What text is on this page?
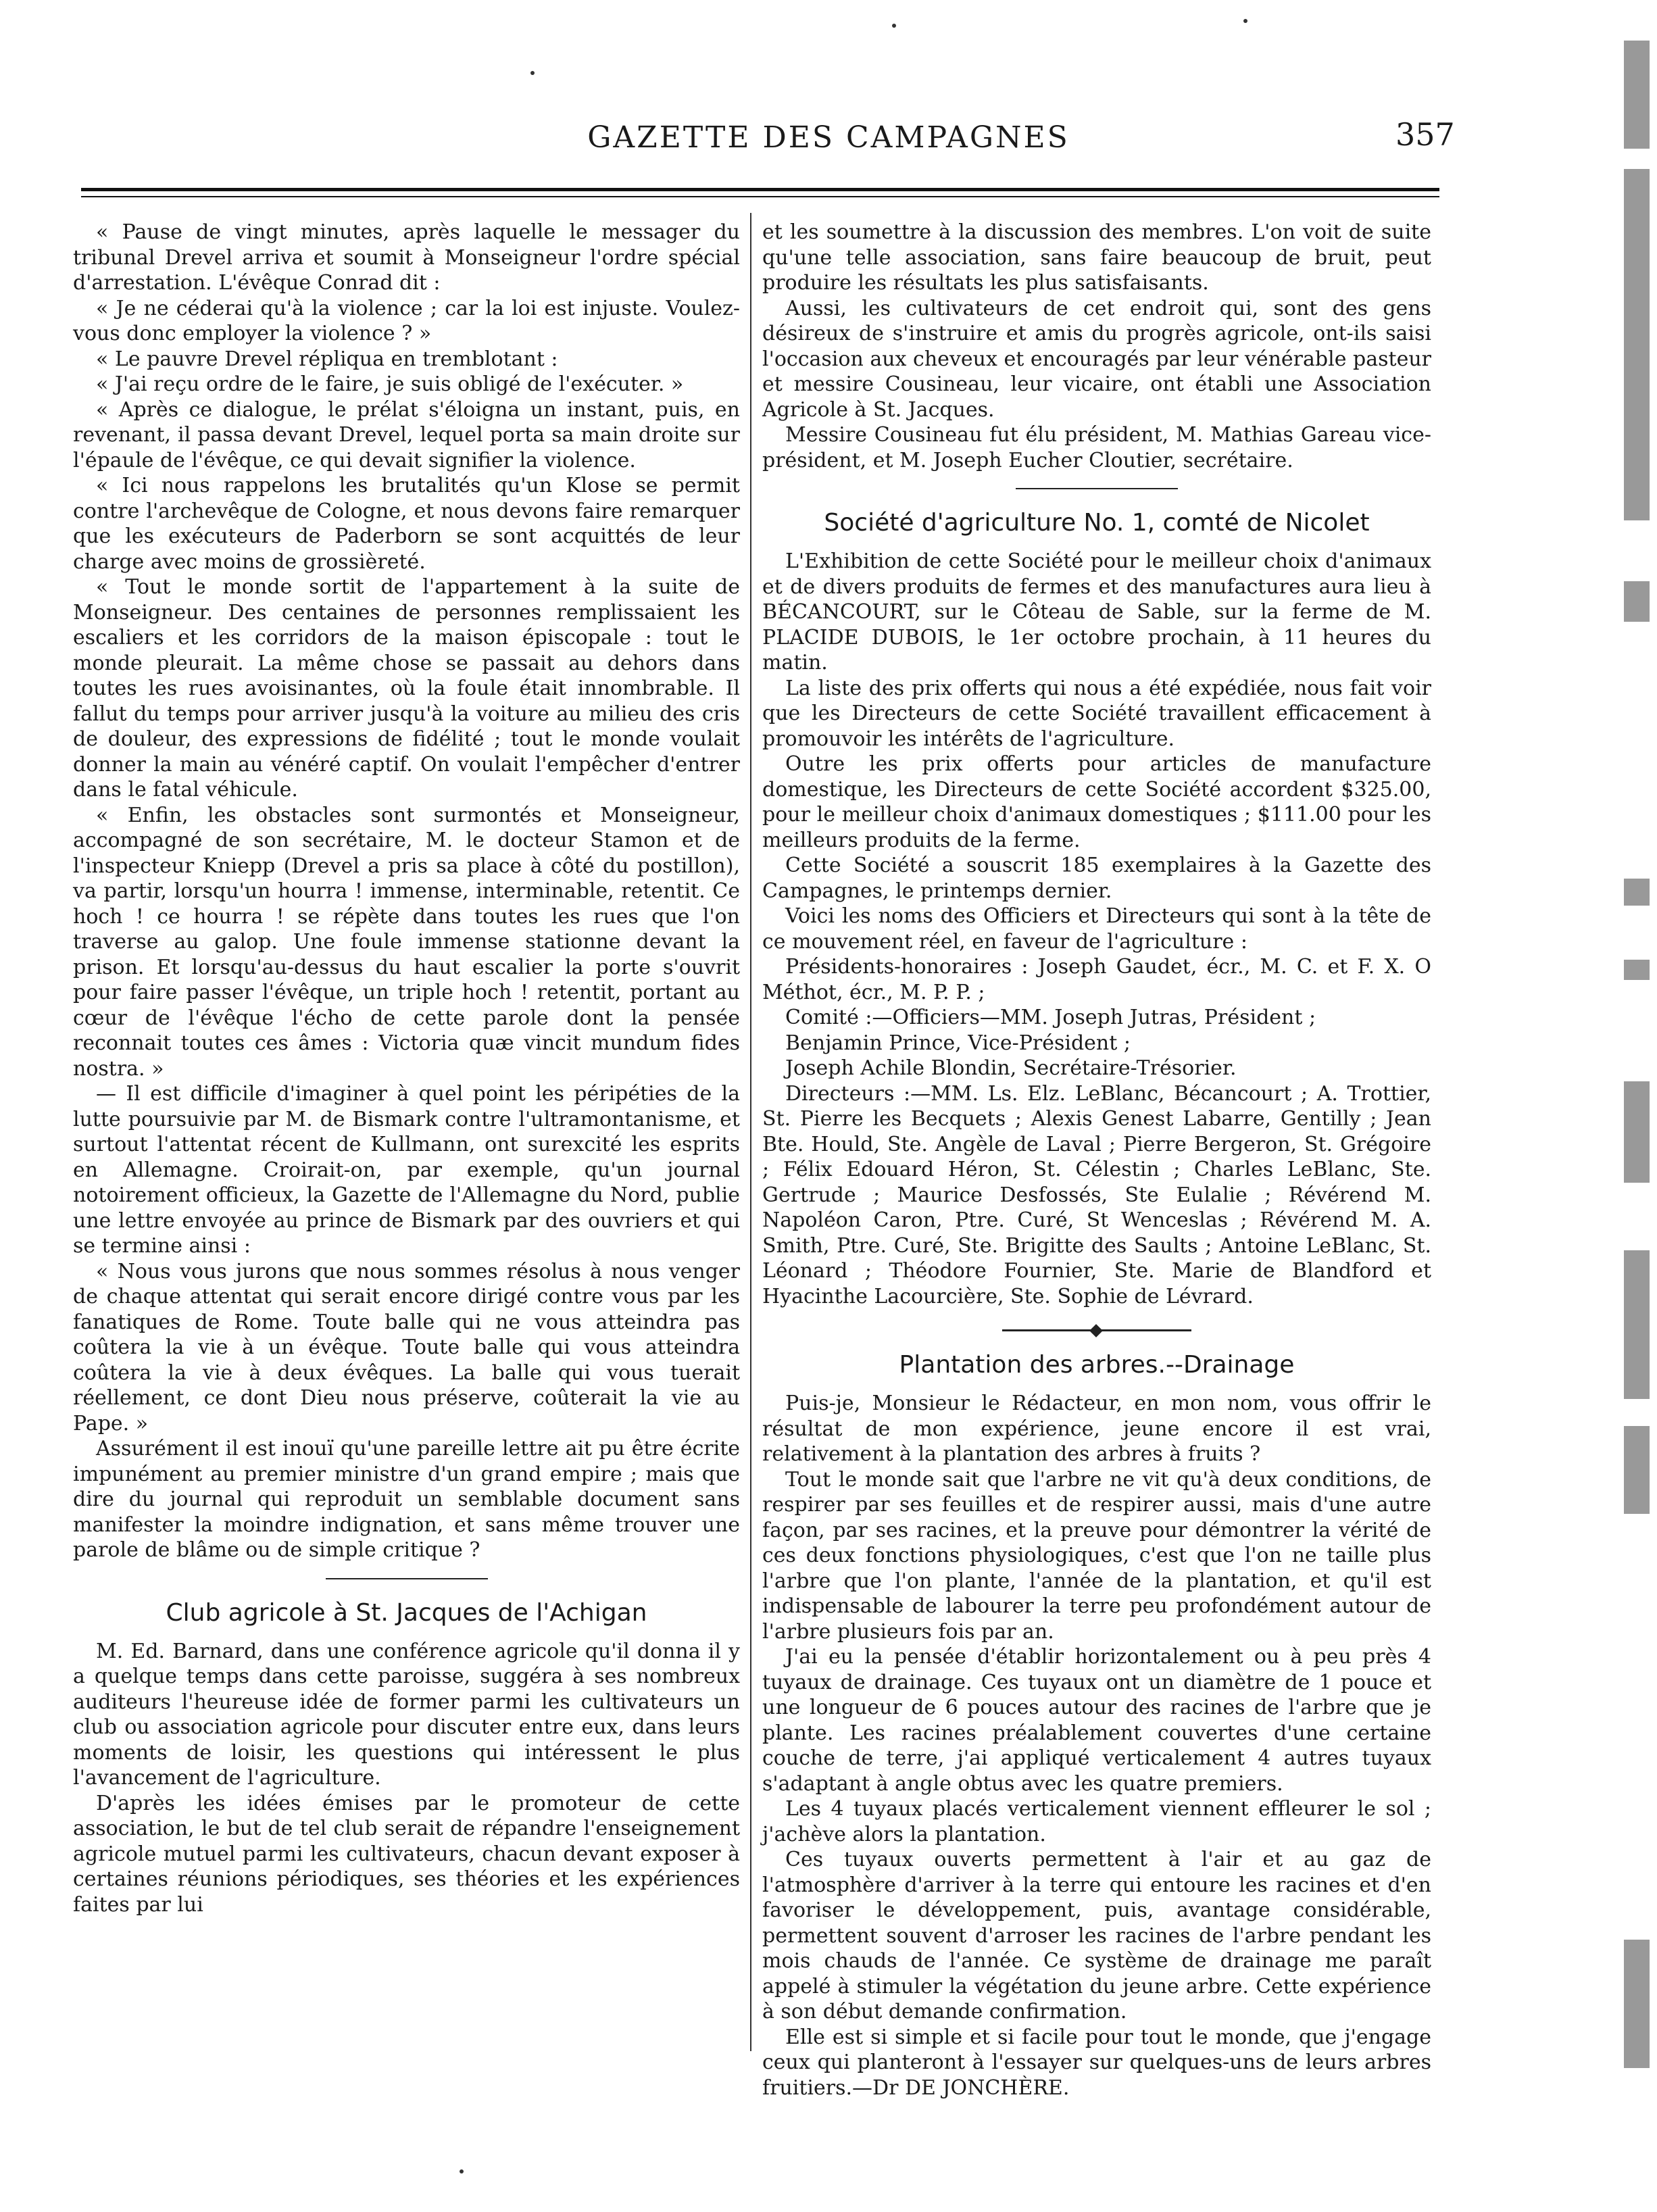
GAZETTE DES CAMPAGNES	357

« Pause de vingt minutes, après laquelle le messager du tribunal Drevel arriva et soumit à Monseigneur l'ordre spécial d'arrestation. L'évêque Conrad dit :

« Je ne céderai qu'à la violence ; car la loi est injuste. Voulez-vous donc employer la violence ? »

« Le pauvre Drevel répliqua en tremblotant :

« J'ai reçu ordre de le faire, je suis obligé de l'exécuter. »

« Après ce dialogue, le prélat s'éloigna un instant, puis, en revenant, il passa devant Drevel, lequel porta sa main droite sur l'épaule de l'évêque, ce qui devait signifier la violence.

« Ici nous rappelons les brutalités qu'un Klose se permit contre l'archevêque de Cologne, et nous devons faire remarquer que les exécuteurs de Paderborn se sont acquittés de leur charge avec moins de grossièreté.

« Tout le monde sortit de l'appartement à la suite de Monseigneur. Des centaines de personnes remplissaient les escaliers et les corridors de la maison épiscopale : tout le monde pleurait. La même chose se passait au dehors dans toutes les rues avoisinantes, où la foule était innombrable. Il fallut du temps pour arriver jusqu'à la voiture au milieu des cris de douleur, des expressions de fidélité ; tout le monde voulait donner la main au vénéré captif. On voulait l'empêcher d'entrer dans le fatal véhicule.

« Enfin, les obstacles sont surmontés et Monseigneur, accompagné de son secrétaire, M. le docteur Stamon et de l'inspecteur Kniepp (Drevel a pris sa place à côté du postillon), va partir, lorsqu'un hourra ! immense, interminable, retentit. Ce hoch ! ce hourra ! se répète dans toutes les rues que l'on traverse au galop. Une foule immense stationne devant la prison. Et lorsqu'au-dessus du haut escalier la porte s'ouvrit pour faire passer l'évêque, un triple hoch ! retentit, portant au cœur de l'évêque l'écho de cette parole dont la pensée reconnait toutes ces âmes : Victoria quæ vincit mundum fides nostra. »

— Il est difficile d'imaginer à quel point les péripéties de la lutte poursuivie par M. de Bismark contre l'ultramontanisme, et surtout l'attentat récent de Kullmann, ont surexcité les esprits en Allemagne. Croirait-on, par exemple, qu'un journal notoirement officieux, la Gazette de l'Allemagne du Nord, publie une lettre envoyée au prince de Bismark par des ouvriers et qui se termine ainsi :

« Nous vous jurons que nous sommes résolus à nous venger de chaque attentat qui serait encore dirigé contre vous par les fanatiques de Rome. Toute balle qui ne vous atteindra pas coûtera la vie à un évêque. Toute balle qui vous atteindra coûtera la vie à deux évêques. La balle qui vous tuerait réellement, ce dont Dieu nous préserve, coûterait la vie au Pape. »

Assurément il est inouï qu'une pareille lettre ait pu être écrite impunément au premier ministre d'un grand empire ; mais que dire du journal qui reproduit un semblable document sans manifester la moindre indignation, et sans même trouver une parole de blâme ou de simple critique ?

Club agricole à St. Jacques de l'Achigan

M. Ed. Barnard, dans une conférence agricole qu'il donna il y a quelque temps dans cette paroisse, suggéra à ses nombreux auditeurs l'heureuse idée de former parmi les cultivateurs un club ou association agricole pour discuter entre eux, dans leurs moments de loisir, les questions qui intéressent le plus l'avancement de l'agriculture.

D'après les idées émises par le promoteur de cette association, le but de tel club serait de répandre l'enseignement agricole mutuel parmi les cultivateurs, chacun devant exposer à certaines réunions périodiques, ses théories et les expériences faites par lui

et les soumettre à la discussion des membres. L'on voit de suite qu'une telle association, sans faire beaucoup de bruit, peut produire les résultats les plus satisfaisants.

Aussi, les cultivateurs de cet endroit qui, sont des gens désireux de s'instruire et amis du progrès agricole, ont-ils saisi l'occasion aux cheveux et encouragés par leur vénérable pasteur et messire Cousineau, leur vicaire, ont établi une Association Agricole à St. Jacques.

Messire Cousineau fut élu président, M. Mathias Gareau vice-président, et M. Joseph Eucher Cloutier, secrétaire.

Société d'agriculture No. 1, comté de Nicolet

L'Exhibition de cette Société pour le meilleur choix d'animaux et de divers produits de fermes et des manufactures aura lieu à BÉCANCOURT, sur le Côteau de Sable, sur la ferme de M. PLACIDE DUBOIS, le 1er octobre prochain, à 11 heures du matin.

La liste des prix offerts qui nous a été expédiée, nous fait voir que les Directeurs de cette Société travaillent efficacement à promouvoir les intérêts de l'agriculture.

Outre les prix offerts pour articles de manufacture domestique, les Directeurs de cette Société accordent $325.00, pour le meilleur choix d'animaux domestiques ; $111.00 pour les meilleurs produits de la ferme.

Cette Société a souscrit 185 exemplaires à la Gazette des Campagnes, le printemps dernier.

Voici les noms des Officiers et Directeurs qui sont à la tête de ce mouvement réel, en faveur de l'agriculture :

Présidents-honoraires : Joseph Gaudet, écr., M. C. et F. X. O Méthot, écr., M. P. P. ;

Comité :—Officiers—MM. Joseph Jutras, Président ;

Benjamin Prince, Vice-Président ;

Joseph Achile Blondin, Secrétaire-Trésorier.

Directeurs :—MM. Ls. Elz. LeBlanc, Bécancourt ; A. Trottier, St. Pierre les Becquets ; Alexis Genest Labarre, Gentilly ; Jean Bte. Hould, Ste. Angèle de Laval ; Pierre Bergeron, St. Grégoire ; Félix Edouard Héron, St. Célestin ; Charles LeBlanc, Ste. Gertrude ; Maurice Desfossés, Ste Eulalie ; Révérend M. Napoléon Caron, Ptre. Curé, St Wenceslas ; Révérend M. A. Smith, Ptre. Curé, Ste. Brigitte des Saults ; Antoine LeBlanc, St. Léonard ; Théodore Fournier, Ste. Marie de Blandford et Hyacinthe Lacourcière, Ste. Sophie de Lévrard.

Plantation des arbres.--Drainage

Puis-je, Monsieur le Rédacteur, en mon nom, vous offrir le résultat de mon expérience, jeune encore il est vrai, relativement à la plantation des arbres à fruits ?

Tout le monde sait que l'arbre ne vit qu'à deux conditions, de respirer par ses feuilles et de respirer aussi, mais d'une autre façon, par ses racines, et la preuve pour démontrer la vérité de ces deux fonctions physiologiques, c'est que l'on ne taille plus l'arbre que l'on plante, l'année de la plantation, et qu'il est indispensable de labourer la terre peu profondément autour de l'arbre plusieurs fois par an.

J'ai eu la pensée d'établir horizontalement ou à peu près 4 tuyaux de drainage. Ces tuyaux ont un diamètre de 1 pouce et une longueur de 6 pouces autour des racines de l'arbre que je plante. Les racines préalablement couvertes d'une certaine couche de terre, j'ai appliqué verticalement 4 autres tuyaux s'adaptant à angle obtus avec les quatre premiers.

Les 4 tuyaux placés verticalement viennent effleurer le sol ; j'achève alors la plantation.

Ces tuyaux ouverts permettent à l'air et au gaz de l'atmosphère d'arriver à la terre qui entoure les racines et d'en favoriser le développement, puis, avantage considérable, permettent souvent d'arroser les racines de l'arbre pendant les mois chauds de l'année. Ce système de drainage me paraît appelé à stimuler la végétation du jeune arbre. Cette expérience à son début demande confirmation.

Elle est si simple et si facile pour tout le monde, que j'engage ceux qui planteront à l'essayer sur quelques-uns de leurs arbres fruitiers.—Dr DE JONCHÈRE.
